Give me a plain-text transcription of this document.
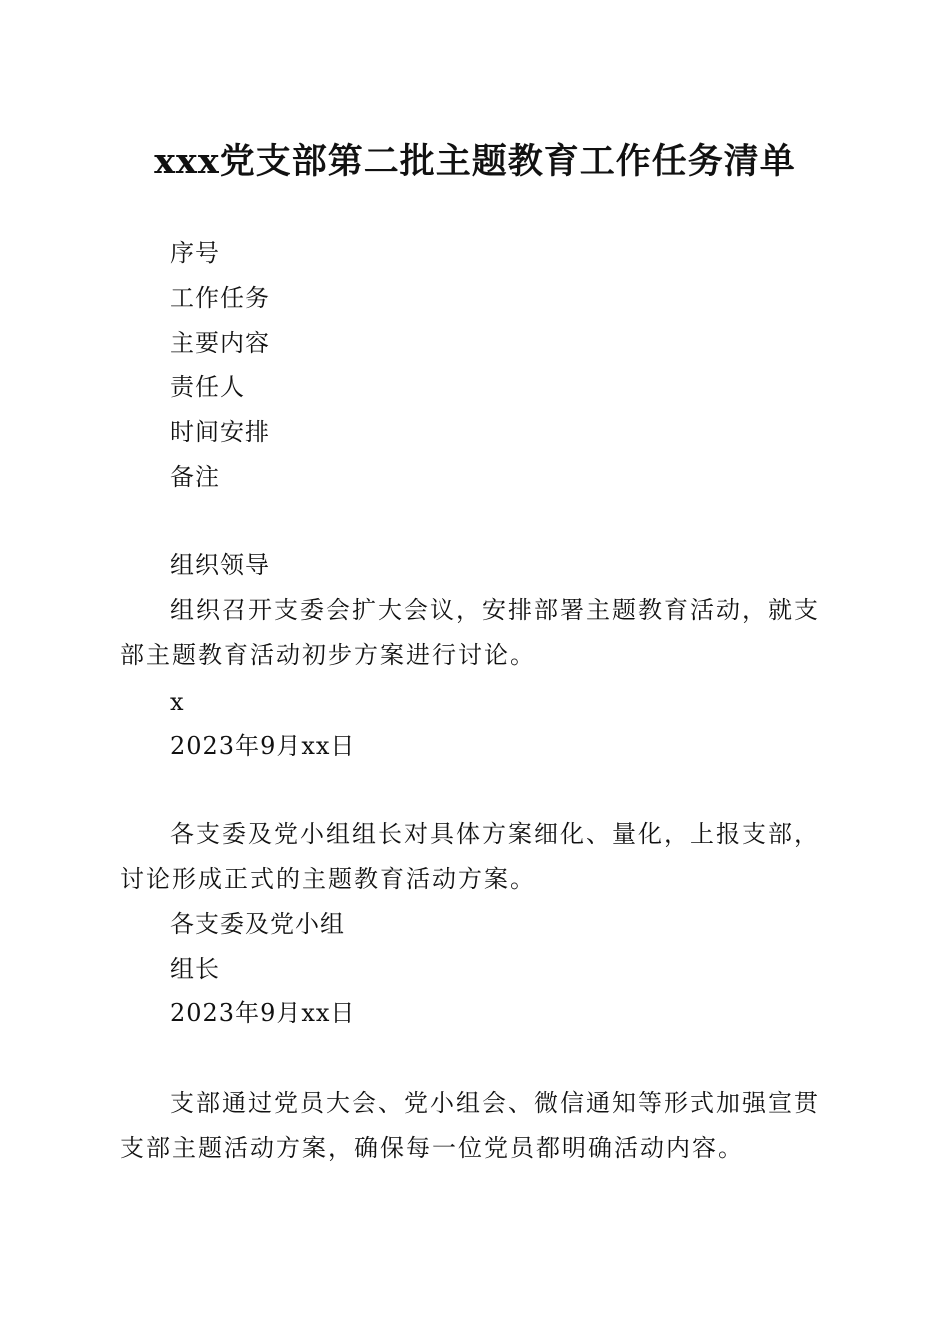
xxx党支部第二批主题教育工作任务清单
序号
工作任务
主要内容
责任人
时间安排
备注
组织领导
组织召开支委会扩大会议，安排部署主题教育活动，就支
部主题教育活动初步方案进行讨论。
x
2023年9月xx日
各支委及党小组组长对具体方案细化、量化，上报支部，
讨论形成正式的主题教育活动方案。
各支委及党小组
组长
2023年9月xx日
支部通过党员大会、党小组会、微信通知等形式加强宣贯
支部主题活动方案，确保每一位党员都明确活动内容。
